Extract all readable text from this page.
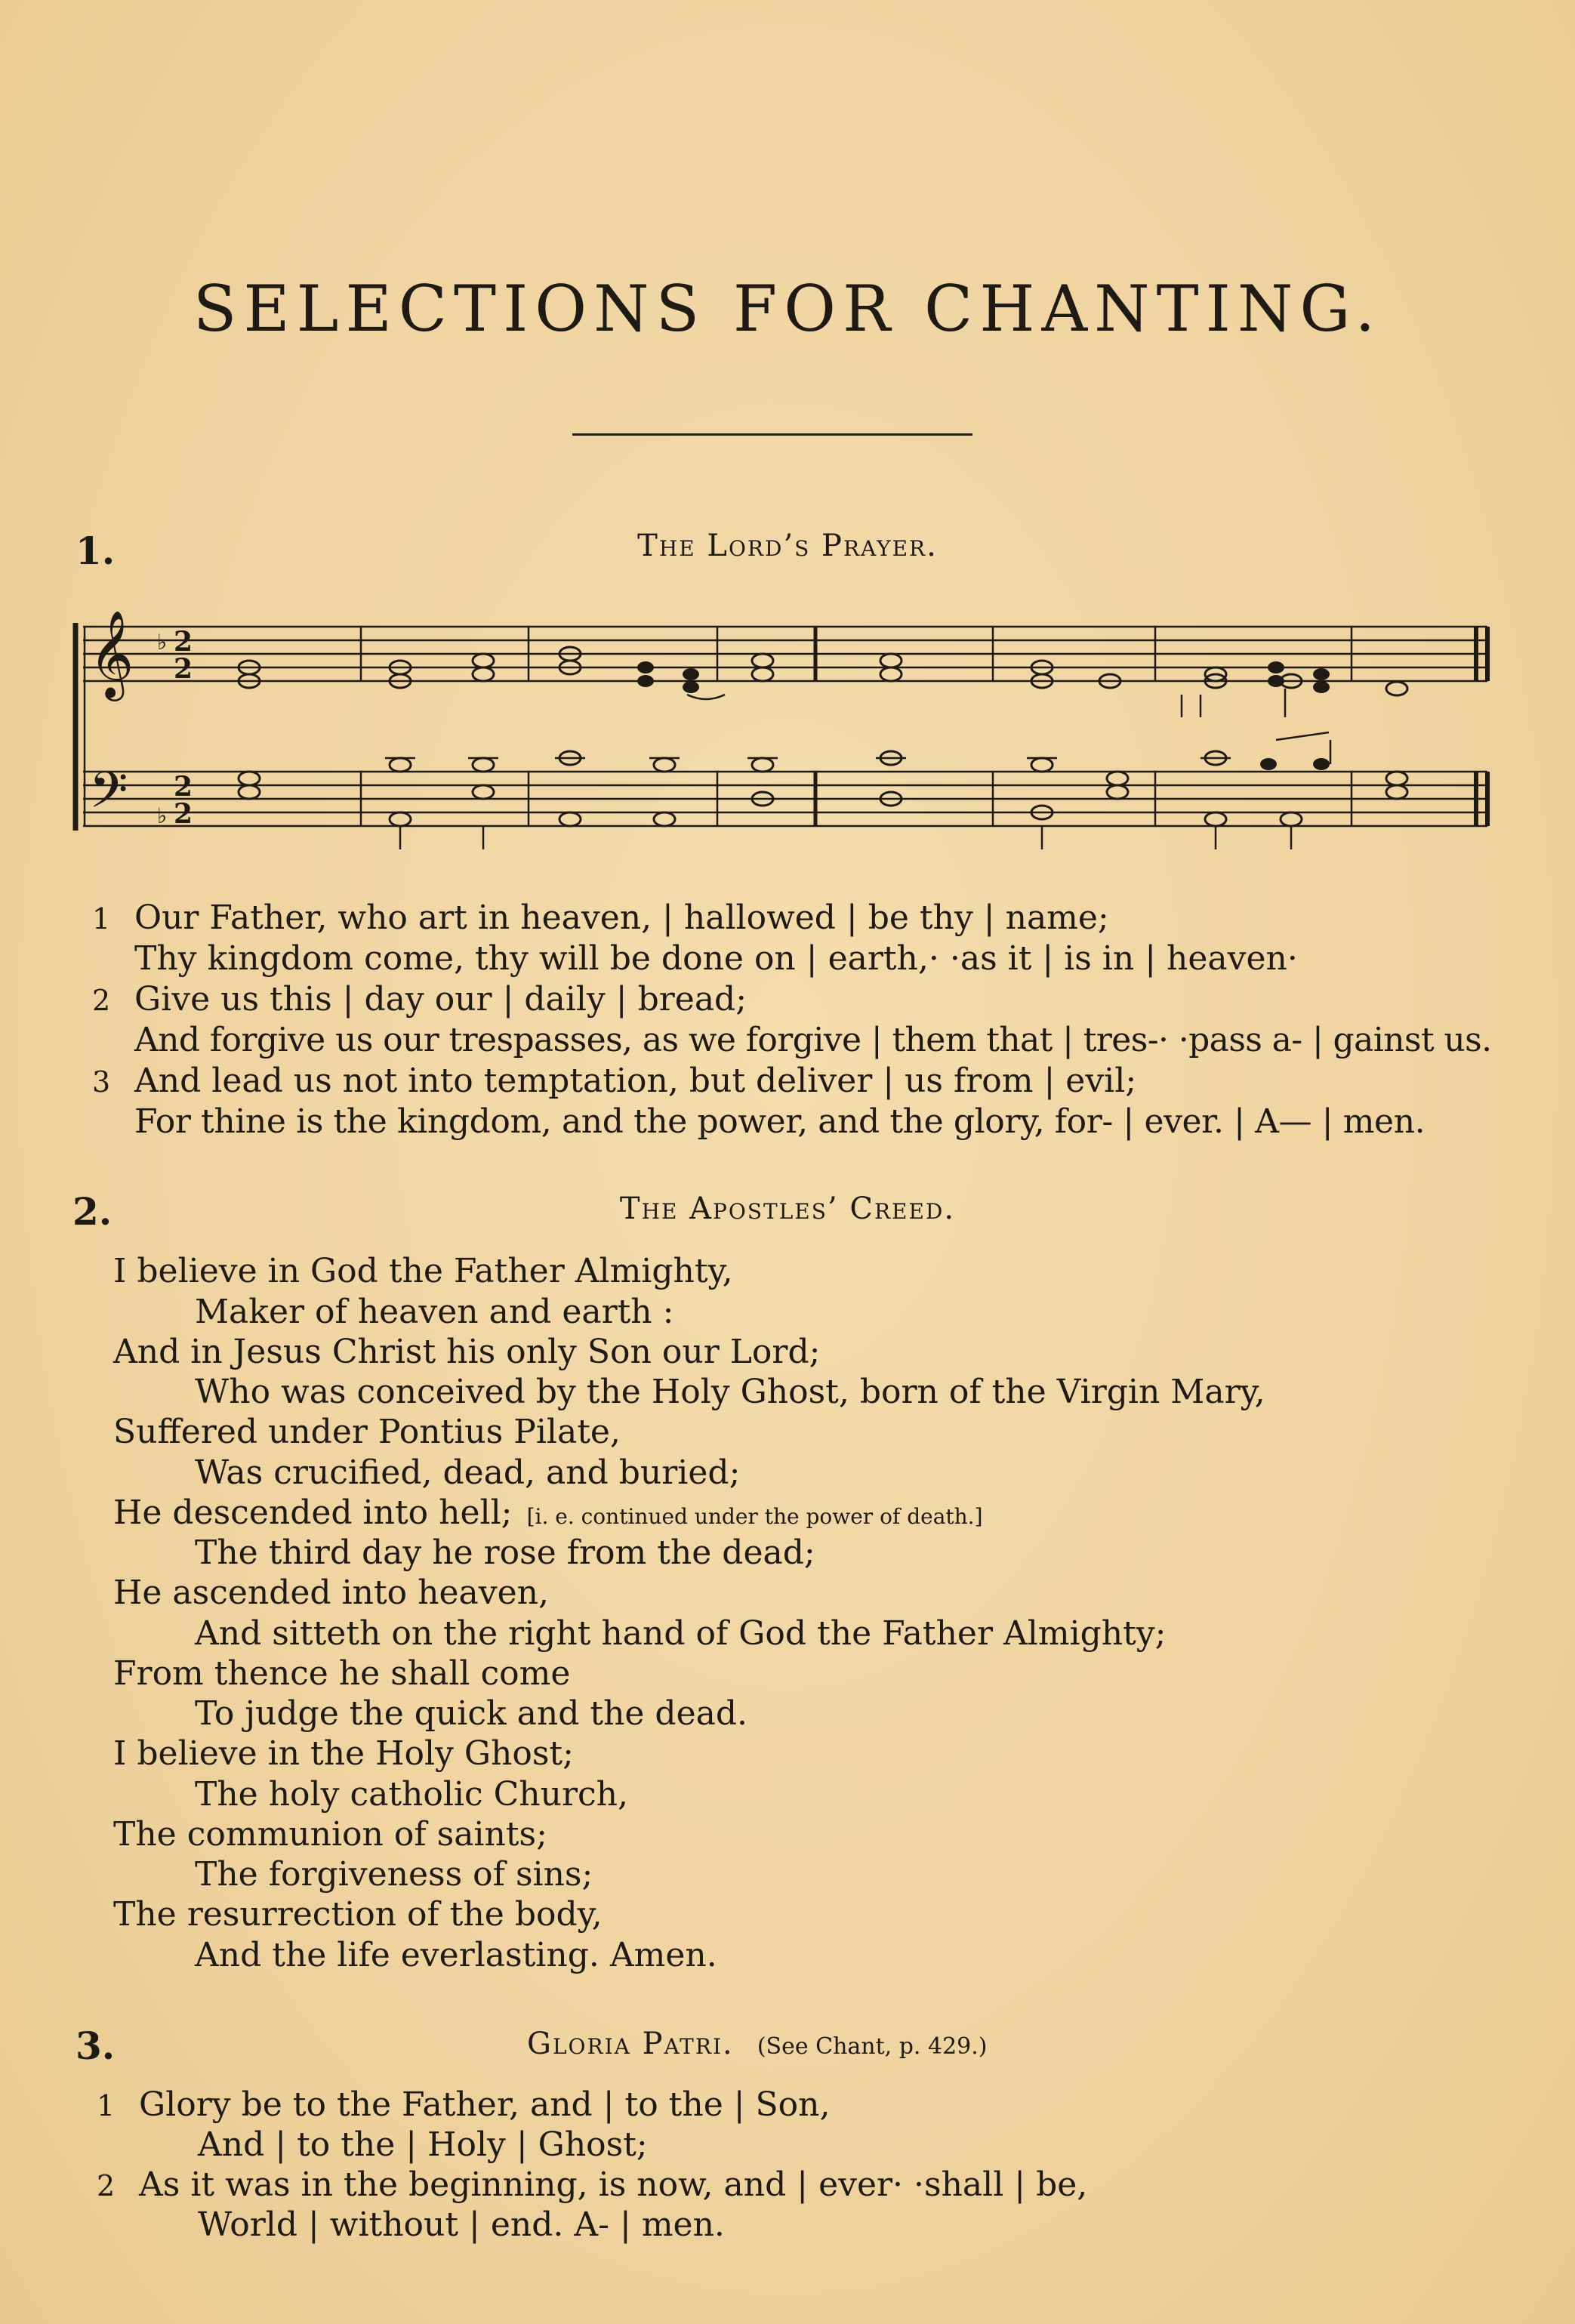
SELECTIONS FOR CHANTING.
1.	The Lord’s Prayer.
𝄞
𝄢
♭ 2
2
2
♭ 2
1 Our Father, who art in heaven, | hallowed | be thy | name;
Thy kingdom come, thy will be done on | earth,· ·as it | is in | heaven·
2 Give us this | day our | daily | bread;
And forgive us our trespasses, as we forgive | them that | tres-· ·pass a- | gainst us.
3 And lead us not into temptation, but deliver | us from | evil;
For thine is the kingdom, and the power, and the glory, for- | ever. | A— | men.
2.	The Apostles’ Creed.
I believe in God the Father Almighty,
Maker of heaven and earth :
And in Jesus Christ his only Son our Lord;
Who was conceived by the Holy Ghost, born of the Virgin Mary,
Suffered under Pontius Pilate,
Was crucified, dead, and buried;
He descended into hell; [i. e. continued under the power of death.]
The third day he rose from the dead;
He ascended into heaven,
And sitteth on the right hand of God the Father Almighty;
From thence he shall come
To judge the quick and the dead.
I believe in the Holy Ghost;
The holy catholic Church,
The communion of saints;
The forgiveness of sins;
The resurrection of the body,
And the life everlasting. Amen.
3.	Gloria Patri. (See Chant, p. 429.)
1 Glory be to the Father, and | to the | Son,
And | to the | Holy | Ghost;
2 As it was in the beginning, is now, and | ever· ·shall | be,
World | without | end. A- | men.
